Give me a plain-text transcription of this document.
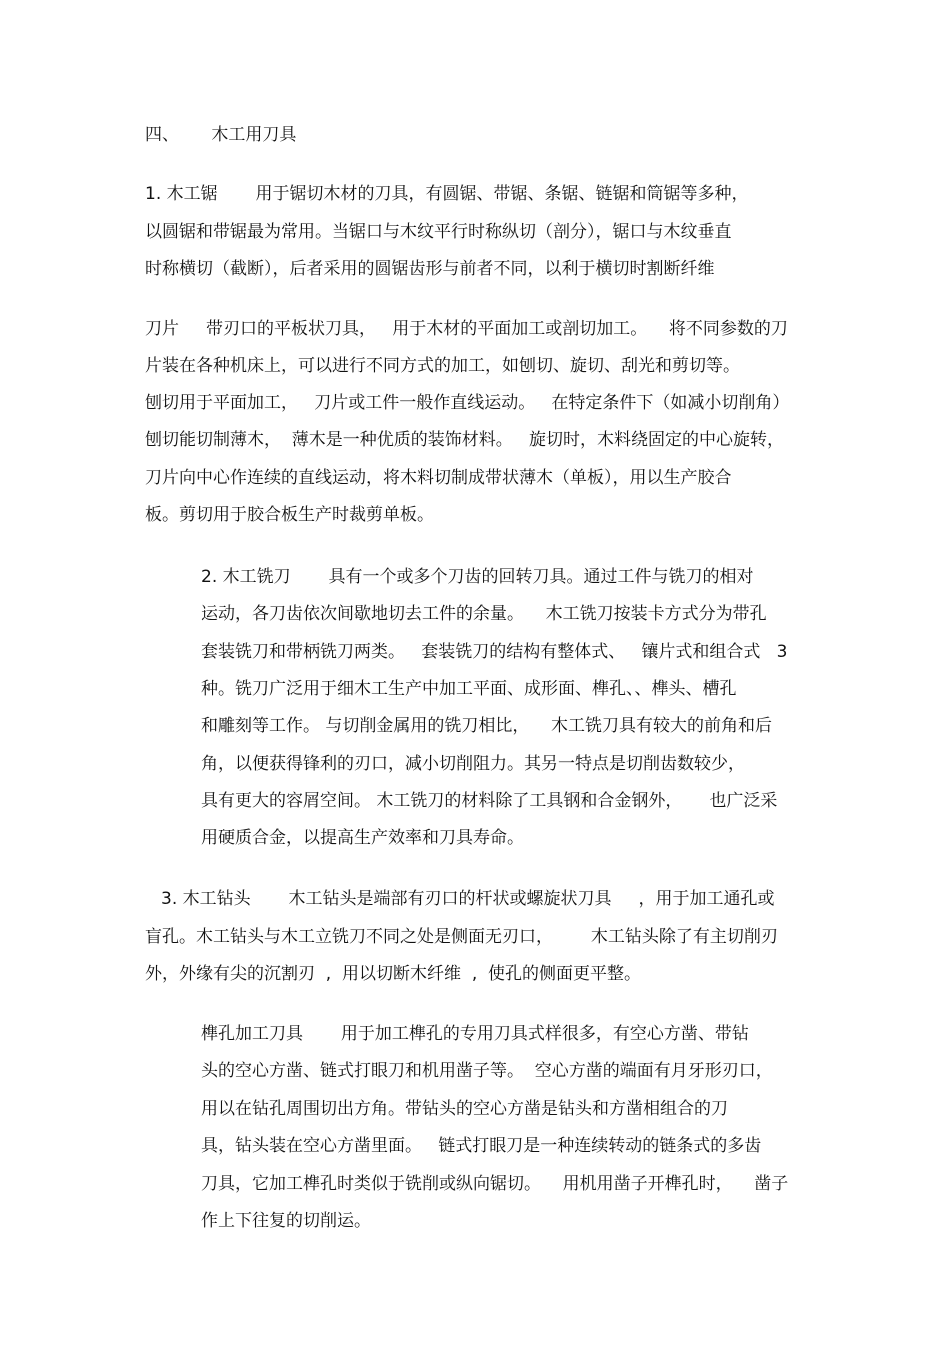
四、      木工用刀具
1. 木工锯       用于锯切木材的刀具，有圆锯、带锯、条锯、链锯和筒锯等多种，
以圆锯和带锯最为常用。当锯口与木纹平行时称纵切（剖分），锯口与木纹垂直
时称横切（截断），后者采用的圆锯齿形与前者不同，以利于横切时割断纤维
刀片     带刃口的平板状刀具，   用于木材的平面加工或剖切加工。    将不同参数的刀
片装在各种机床上，可以进行不同方式的加工，如刨切、旋切、刮光和剪切等。
刨切用于平面加工，   刀片或工件一般作直线运动。   在特定条件下（如减小切削角）
刨切能切制薄木，  薄木是一种优质的装饰材料。   旋切时，木料绕固定的中心旋转，
刀片向中心作连续的直线运动，将木料切制成带状薄木（单板），用以生产胶合
板。剪切用于胶合板生产时裁剪单板。
2. 木工铣刀       具有一个或多个刀齿的回转刀具。通过工件与铣刀的相对
运动，各刀齿依次间歇地切去工件的余量。    木工铣刀按装卡方式分为带孔
套装铣刀和带柄铣刀两类。   套装铣刀的结构有整体式、   镶片式和组合式   3
种。铣刀广泛用于细木工生产中加工平面、成形面、榫孔、、榫头、槽孔
和雕刻等工作。 与切削金属用的铣刀相比，    木工铣刀具有较大的前角和后
角，以便获得锋利的刃口，减小切削阻力。其另一特点是切削齿数较少，
具有更大的容屑空间。 木工铣刀的材料除了工具钢和合金钢外，     也广泛采
用硬质合金，以提高生产效率和刀具寿命。
3. 木工钻头       木工钻头是端部有刃口的杆状或螺旋状刀具     ，用于加工通孔或
盲孔。木工钻头与木工立铣刀不同之处是侧面无刃口，       木工钻头除了有主切削刃
外，外缘有尖的沉割刃  ,  用以切断木纤维  ,  使孔的侧面更平整。
榫孔加工刀具       用于加工榫孔的专用刀具式样很多，有空心方凿、带钻
头的空心方凿、链式打眼刀和机用凿子等。  空心方凿的端面有月牙形刃口，
用以在钻孔周围切出方角。带钻头的空心方凿是钻头和方凿相组合的刀
具，钻头装在空心方凿里面。   链式打眼刀是一种连续转动的链条式的多齿
刀具，它加工榫孔时类似于铣削或纵向锯切。    用机用凿子开榫孔时，    凿子
作上下往复的切削运。
